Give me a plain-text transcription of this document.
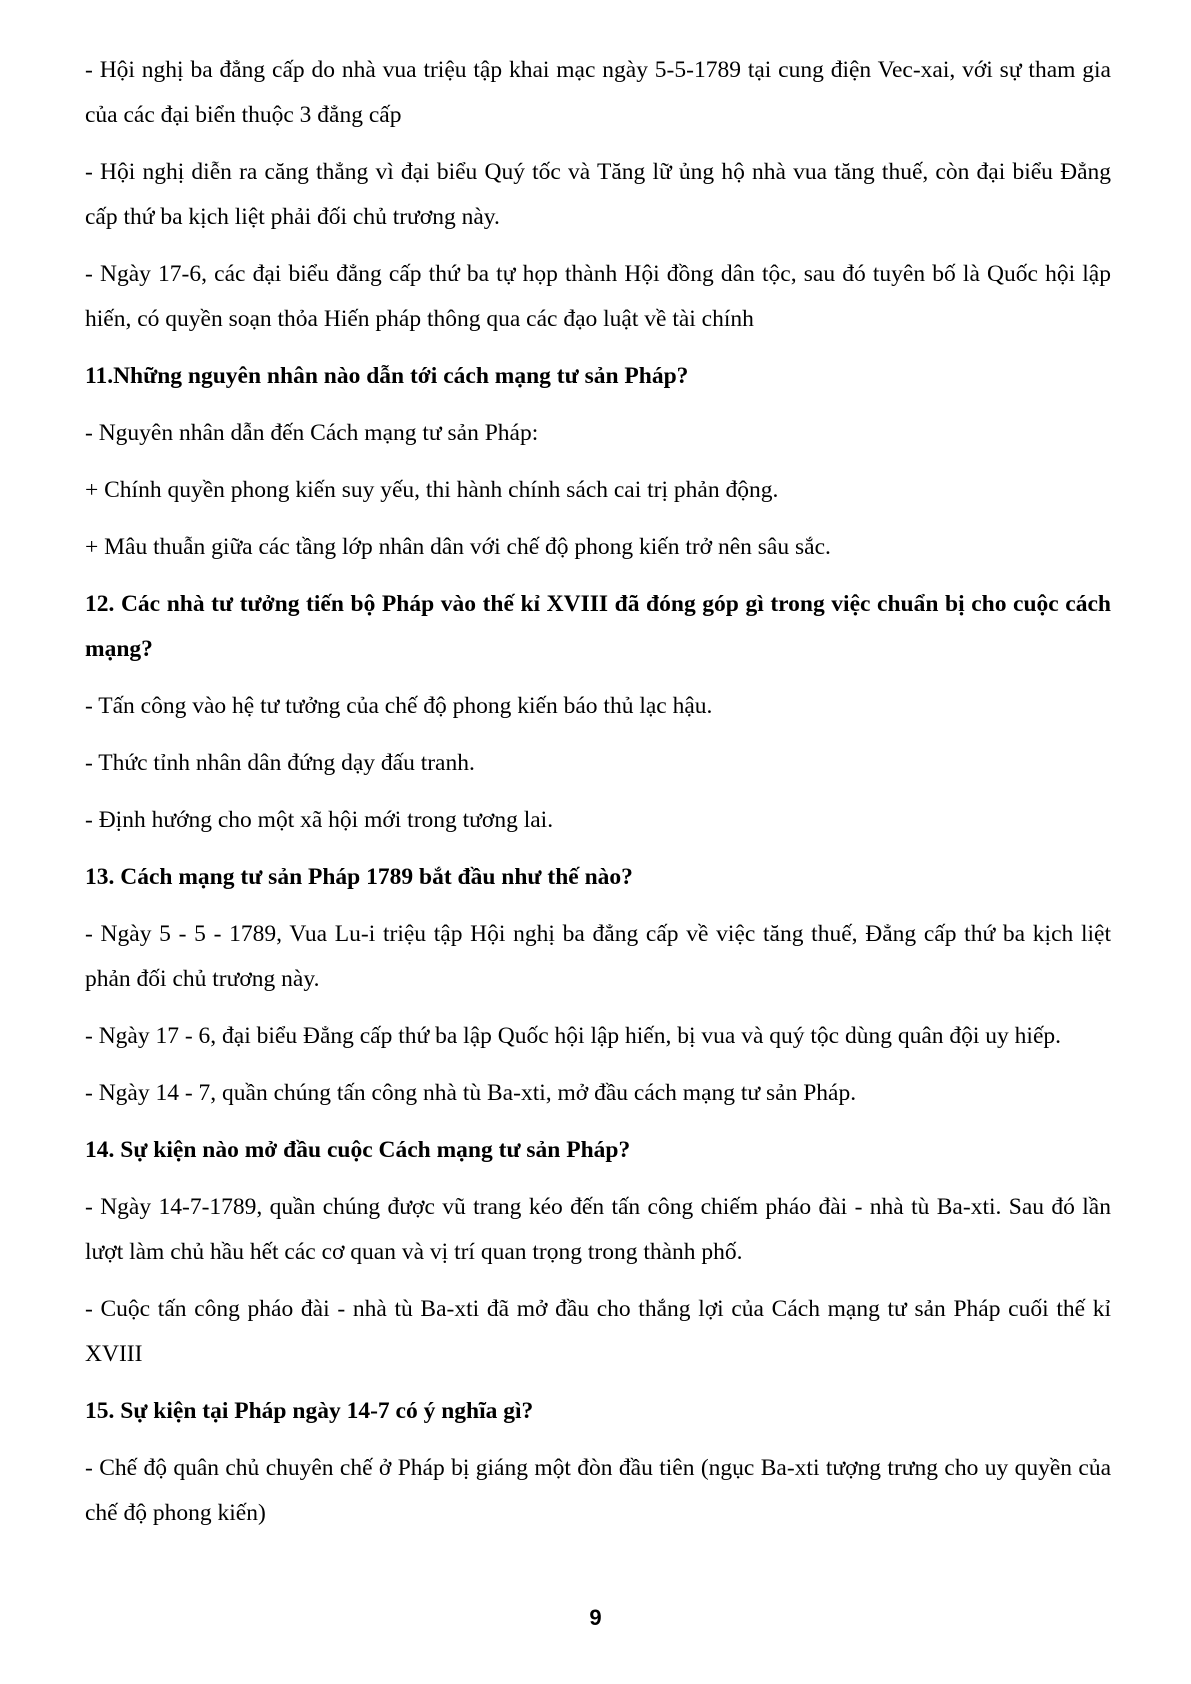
- Hội nghị ba đẳng cấp do nhà vua triệu tập khai mạc ngày 5-5-1789 tại cung điện Vec-xai, với sự tham gia của các đại biển thuộc 3 đẳng cấp

- Hội nghị diễn ra căng thẳng vì đại biểu Quý tốc và Tăng lữ ủng hộ nhà vua tăng thuế, còn đại biểu Đẳng cấp thứ ba kịch liệt phải đối chủ trương này.

- Ngày 17-6, các đại biểu đẳng cấp thứ ba tự họp thành Hội đồng dân tộc, sau đó tuyên bố là Quốc hội lập hiến, có quyền soạn thỏa Hiến pháp thông qua các đạo luật về tài chính

11.Những nguyên nhân nào dẫn tới cách mạng tư sản Pháp?

- Nguyên nhân dẫn đến Cách mạng tư sản Pháp:

+ Chính quyền phong kiến suy yếu, thi hành chính sách cai trị phản động.

+ Mâu thuẫn giữa các tầng lớp nhân dân với chế độ phong kiến trở nên sâu sắc.

12. Các nhà tư tưởng tiến bộ Pháp vào thế kỉ XVIII đã đóng góp gì trong việc chuẩn bị cho cuộc cách mạng?

- Tấn công vào hệ tư tưởng của chế độ phong kiến báo thủ lạc hậu.

- Thức tỉnh nhân dân đứng dạy đấu tranh.

- Định hướng cho một xã hội mới trong tương lai.

13. Cách mạng tư sản Pháp 1789 bắt đầu như thế nào?

- Ngày 5 - 5 - 1789, Vua Lu-i triệu tập Hội nghị ba đẳng cấp về việc tăng thuế, Đẳng cấp thứ ba kịch liệt phản đối chủ trương này.

- Ngày 17 - 6, đại biểu Đẳng cấp thứ ba lập Quốc hội lập hiến, bị vua và quý tộc dùng quân đội uy hiếp.

- Ngày 14 - 7, quần chúng tấn công nhà tù Ba-xti, mở đầu cách mạng tư sản Pháp.

14. Sự kiện nào mở đầu cuộc Cách mạng tư sản Pháp?

- Ngày 14-7-1789, quần chúng được vũ trang kéo đến tấn công chiếm pháo đài - nhà tù Ba-xti. Sau đó lần lượt làm chủ hầu hết các cơ quan và vị trí quan trọng trong thành phố.

- Cuộc tấn công pháo đài - nhà tù Ba-xti đã mở đầu cho thắng lợi của Cách mạng tư sản Pháp cuối thế kỉ XVIII

15. Sự kiện tại Pháp ngày 14-7 có ý nghĩa gì?

- Chế độ quân chủ chuyên chế ở Pháp bị giáng một đòn đầu tiên (ngục Ba-xti tượng trưng cho uy quyền của chế độ phong kiến)

9
